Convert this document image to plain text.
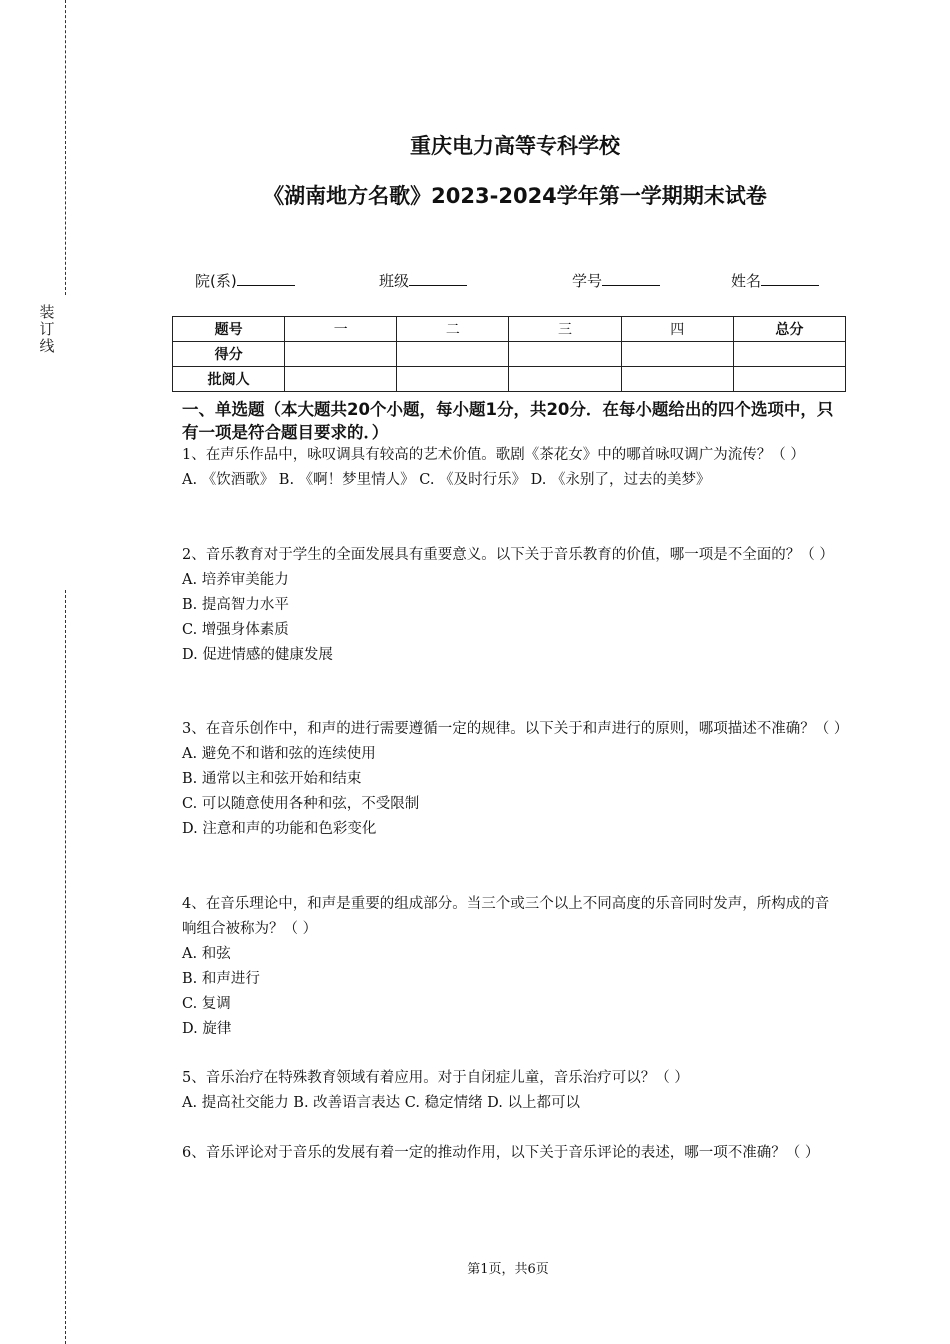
装
订
线
重庆电力高等专科学校
《湖南地方名歌》2023-2024学年第一学期期末试卷
院(系)	班级	学号	姓名
题号	一	二	三	四	总分
得分					
批阅人					
一、单选题（本大题共20个小题，每小题1分，共20分．在每小题给出的四个选项中，只有一项是符合题目要求的．）

1、在声乐作品中，咏叹调具有较高的艺术价值。歌剧《茶花女》中的哪首咏叹调广为流传？（ ）

A. 《饮酒歌》 B. 《啊！梦里情人》 C. 《及时行乐》 D. 《永别了，过去的美梦》

2、音乐教育对于学生的全面发展具有重要意义。以下关于音乐教育的价值，哪一项是不全面的？（ ）

A. 培养审美能力

B. 提高智力水平

C. 增强身体素质

D. 促进情感的健康发展

3、在音乐创作中，和声的进行需要遵循一定的规律。以下关于和声进行的原则，哪项描述不准确？（ ）

A. 避免不和谐和弦的连续使用

B. 通常以主和弦开始和结束

C. 可以随意使用各种和弦，不受限制

D. 注意和声的功能和色彩变化

4、在音乐理论中，和声是重要的组成部分。当三个或三个以上不同高度的乐音同时发声，所构成的音响组合被称为？（ ）

A. 和弦

B. 和声进行

C. 复调

D. 旋律

5、音乐治疗在特殊教育领域有着应用。对于自闭症儿童，音乐治疗可以？（ ）

A. 提高社交能力 B. 改善语言表达 C. 稳定情绪 D. 以上都可以

6、音乐评论对于音乐的发展有着一定的推动作用，以下关于音乐评论的表述，哪一项不准确？（ ）

第1页，共6页
